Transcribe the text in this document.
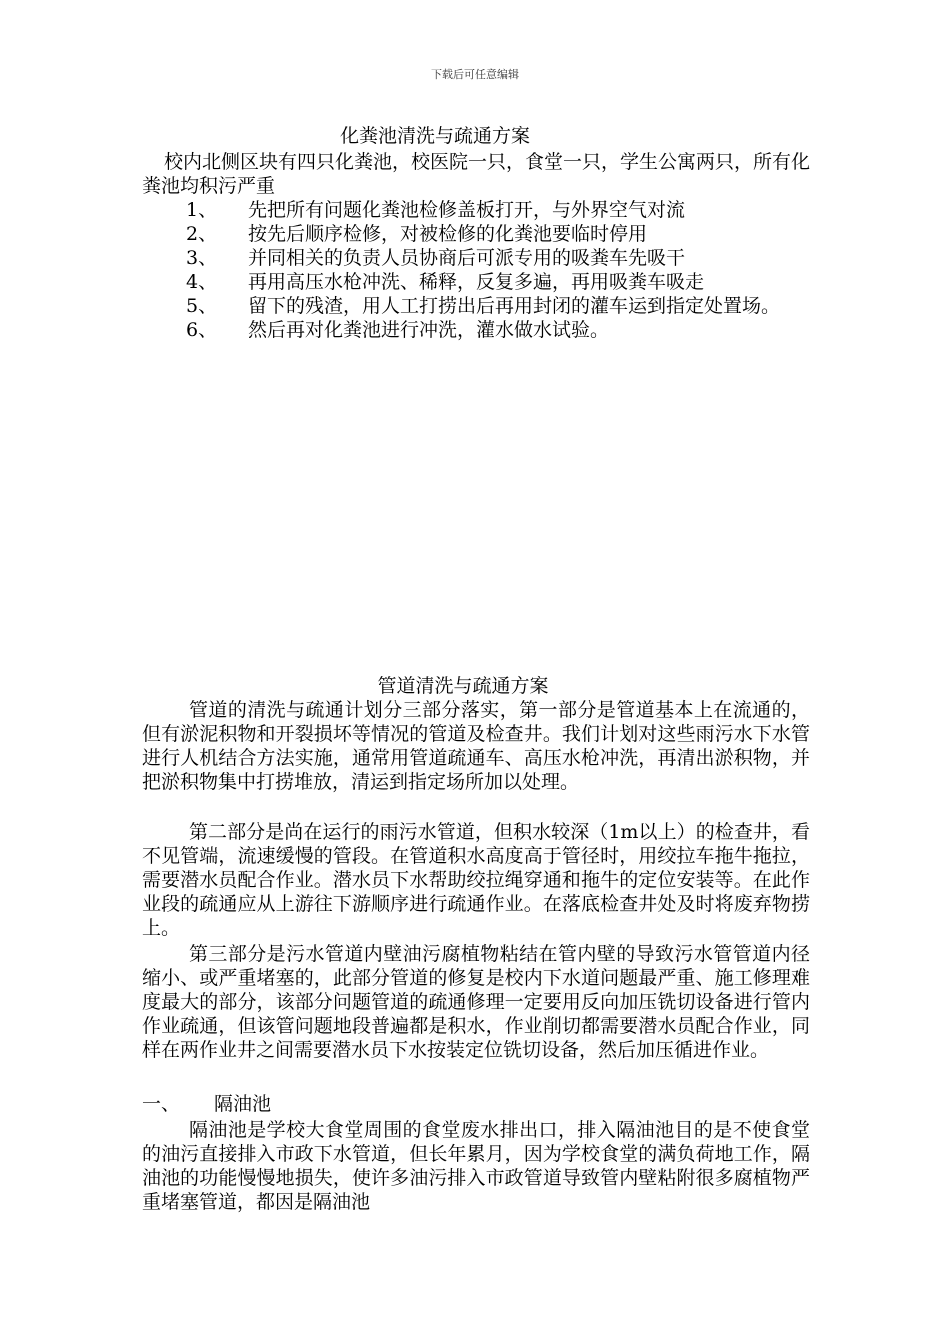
下载后可任意编辑
化粪池清洗与疏通方案
校内北侧区块有四只化粪池，校医院一只，食堂一只，学生公寓两只，所有化粪池均积污严重
1、	先把所有问题化粪池检修盖板打开，与外界空气对流
2、	按先后顺序检修，对被检修的化粪池要临时停用
3、	并同相关的负责人员协商后可派专用的吸粪车先吸干
4、	再用高压水枪冲洗、稀释，反复多遍，再用吸粪车吸走
5、	留下的残渣，用人工打捞出后再用封闭的灌车运到指定处置场。
6、	然后再对化粪池进行冲洗，灌水做水试验。
管道清洗与疏通方案
管道的清洗与疏通计划分三部分落实，第一部分是管道基本上在流通的，但有淤泥积物和开裂损坏等情况的管道及检查井。我们计划对这些雨污水下水管进行人机结合方法实施，通常用管道疏通车、高压水枪冲洗，再清出淤积物，并把淤积物集中打捞堆放，清运到指定场所加以处理。
第二部分是尚在运行的雨污水管道，但积水较深（1m以上）的检查井，看不见管端，流速缓慢的管段。在管道积水高度高于管径时，用绞拉车拖牛拖拉，需要潜水员配合作业。潜水员下水帮助绞拉绳穿通和拖牛的定位安装等。在此作业段的疏通应从上游往下游顺序进行疏通作业。在落底检查井处及时将废弃物捞上。
第三部分是污水管道内壁油污腐植物粘结在管内壁的导致污水管管道内径缩小、或严重堵塞的，此部分管道的修复是校内下水道问题最严重、施工修理难度最大的部分，该部分问题管道的疏通修理一定要用反向加压铣切设备进行管内作业疏通，但该管问题地段普遍都是积水，作业削切都需要潜水员配合作业，同样在两作业井之间需要潜水员下水按装定位铣切设备，然后加压循进作业。
一、	隔油池
隔油池是学校大食堂周围的食堂废水排出口，排入隔油池目的是不使食堂的油污直接排入市政下水管道，但长年累月，因为学校食堂的满负荷地工作，隔油池的功能慢慢地损失，使许多油污排入市政管道导致管内壁粘附很多腐植物严重堵塞管道，都因是隔油池
